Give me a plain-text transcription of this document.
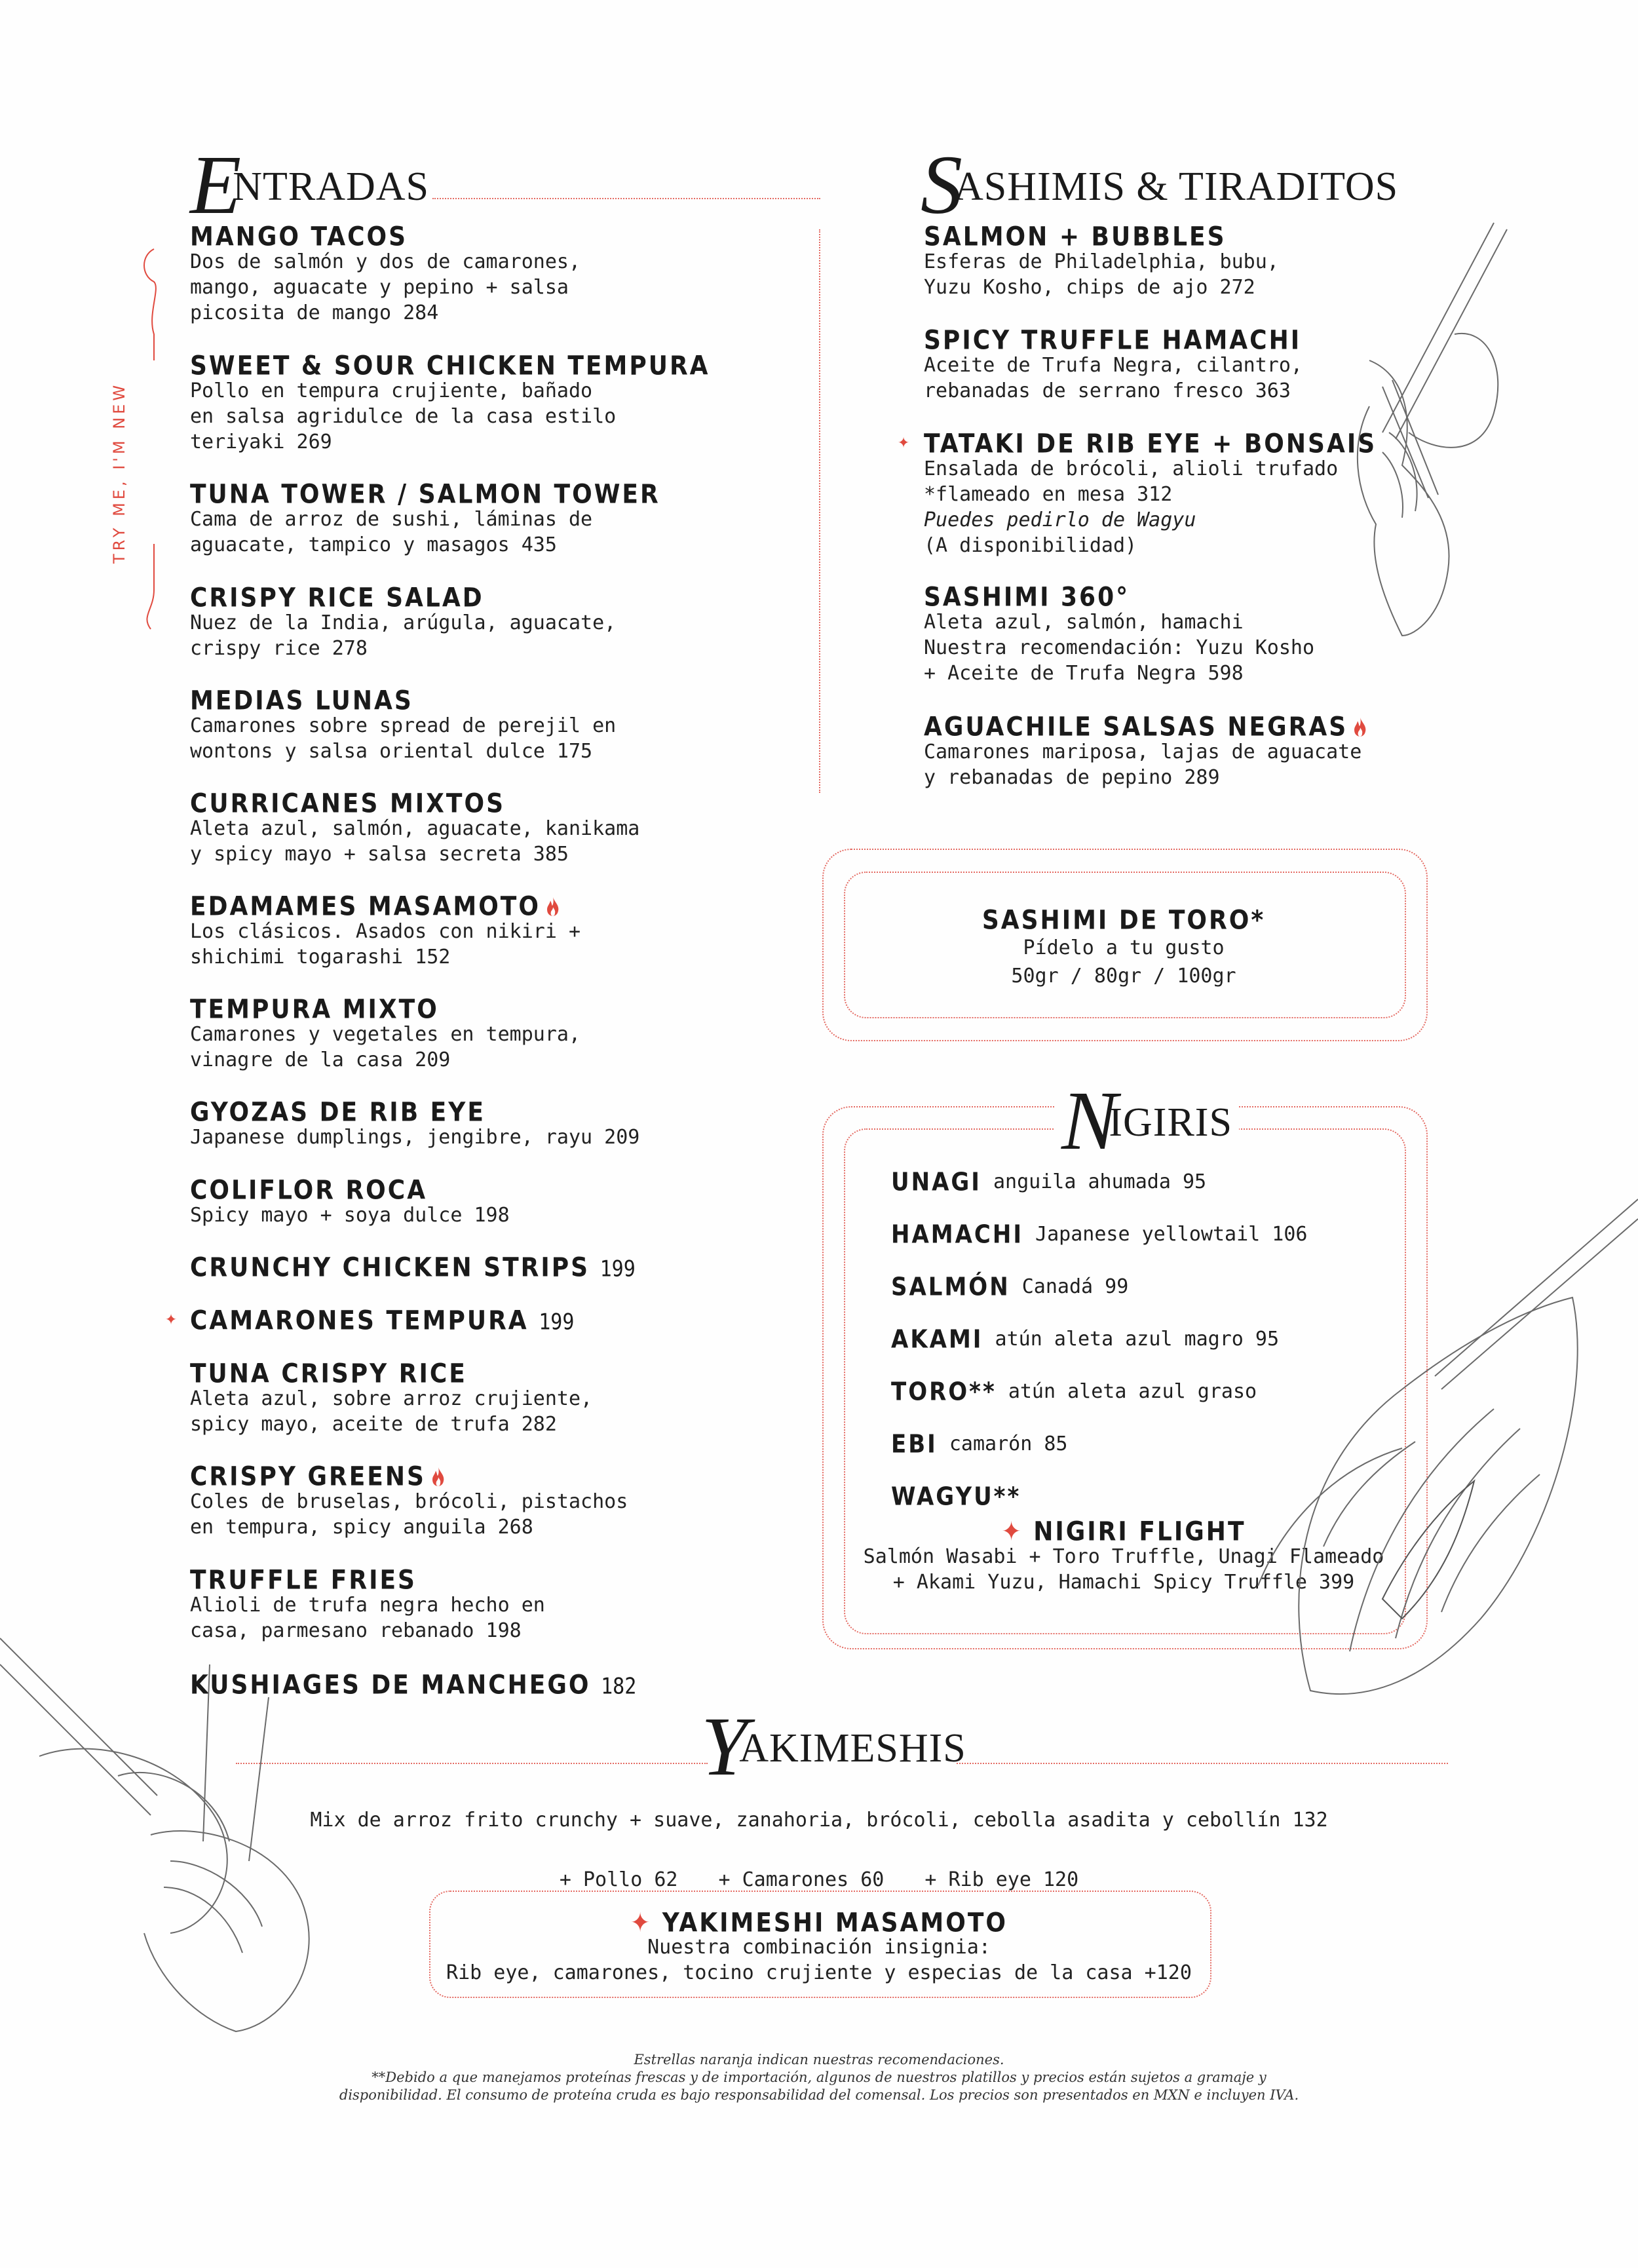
ENTRADAS
TRY ME, I'M NEW
MANGO TACOS
Dos de salmón y dos de camarones,
mango, aguacate y pepino + salsa
picosita de mango 284
SWEET & SOUR CHICKEN TEMPURA
Pollo en tempura crujiente, bañado
en salsa agridulce de la casa estilo
teriyaki 269
TUNA TOWER / SALMON TOWER
Cama de arroz de sushi, láminas de
aguacate, tampico y masagos 435
CRISPY RICE SALAD
Nuez de la India, arúgula, aguacate,
crispy rice 278
MEDIAS LUNAS
Camarones sobre spread de perejil en
wontons y salsa oriental dulce 175
CURRICANES MIXTOS
Aleta azul, salmón, aguacate, kanikama
y spicy mayo + salsa secreta 385
EDAMAMES MASAMOTO
Los clásicos. Asados con nikiri +
shichimi togarashi 152
TEMPURA MIXTO
Camarones y vegetales en tempura,
vinagre de la casa 209
GYOZAS DE RIB EYE
Japanese dumplings, jengibre, rayu 209
COLIFLOR ROCA
Spicy mayo + soya dulce 198
CRUNCHY CHICKEN STRIPS 199
✦ CAMARONES TEMPURA 199
TUNA CRISPY RICE
Aleta azul, sobre arroz crujiente,
spicy mayo, aceite de trufa 282
CRISPY GREENS
Coles de bruselas, brócoli, pistachos
en tempura, spicy anguila 268
TRUFFLE FRIES
Alioli de trufa negra hecho en
casa, parmesano rebanado 198
KUSHIAGES DE MANCHEGO 182
SASHIMIS & TIRADITOS
SALMON + BUBBLES
Esferas de Philadelphia, bubu,
Yuzu Kosho, chips de ajo 272
SPICY TRUFFLE HAMACHI
Aceite de Trufa Negra, cilantro,
rebanadas de serrano fresco 363
✦ TATAKI DE RIB EYE + BONSAIS
Ensalada de brócoli, alioli trufado
*flameado en mesa 312
Puedes pedirlo de Wagyu
(A disponibilidad)
SASHIMI 360°
Aleta azul, salmón, hamachi
Nuestra recomendación: Yuzu Kosho
+ Aceite de Trufa Negra 598
AGUACHILE SALSAS NEGRAS
Camarones mariposa, lajas de aguacate
y rebanadas de pepino 289
SASHIMI DE TORO*
Pídelo a tu gusto
50gr / 80gr / 100gr
NIGIRIS
UNAGI anguila ahumada 95
HAMACHI Japanese yellowtail 106
SALMÓN Canadá 99
AKAMI atún aleta azul magro 95
TORO** atún aleta azul graso
EBI camarón 85
WAGYU**
✦ NIGIRI FLIGHT
Salmón Wasabi + Toro Truffle, Unagi Flameado
+ Akami Yuzu, Hamachi Spicy Truffle 399
YAKIMESHIS
Mix de arroz frito crunchy + suave, zanahoria, brócoli, cebolla asadita y cebollín 132

+ Pollo 62 + Camarones 60 + Rib eye 120

✦ YAKIMESHI MASAMOTO
Nuestra combinación insignia:
Rib eye, camarones, tocino crujiente y especias de la casa +120
Estrellas naranja indican nuestras recomendaciones.
**Debido a que manejamos proteínas frescas y de importación, algunos de nuestros platillos y precios están sujetos a gramaje y
disponibilidad. El consumo de proteína cruda es bajo responsabilidad del comensal. Los precios son presentados en MXN e incluyen IVA.
